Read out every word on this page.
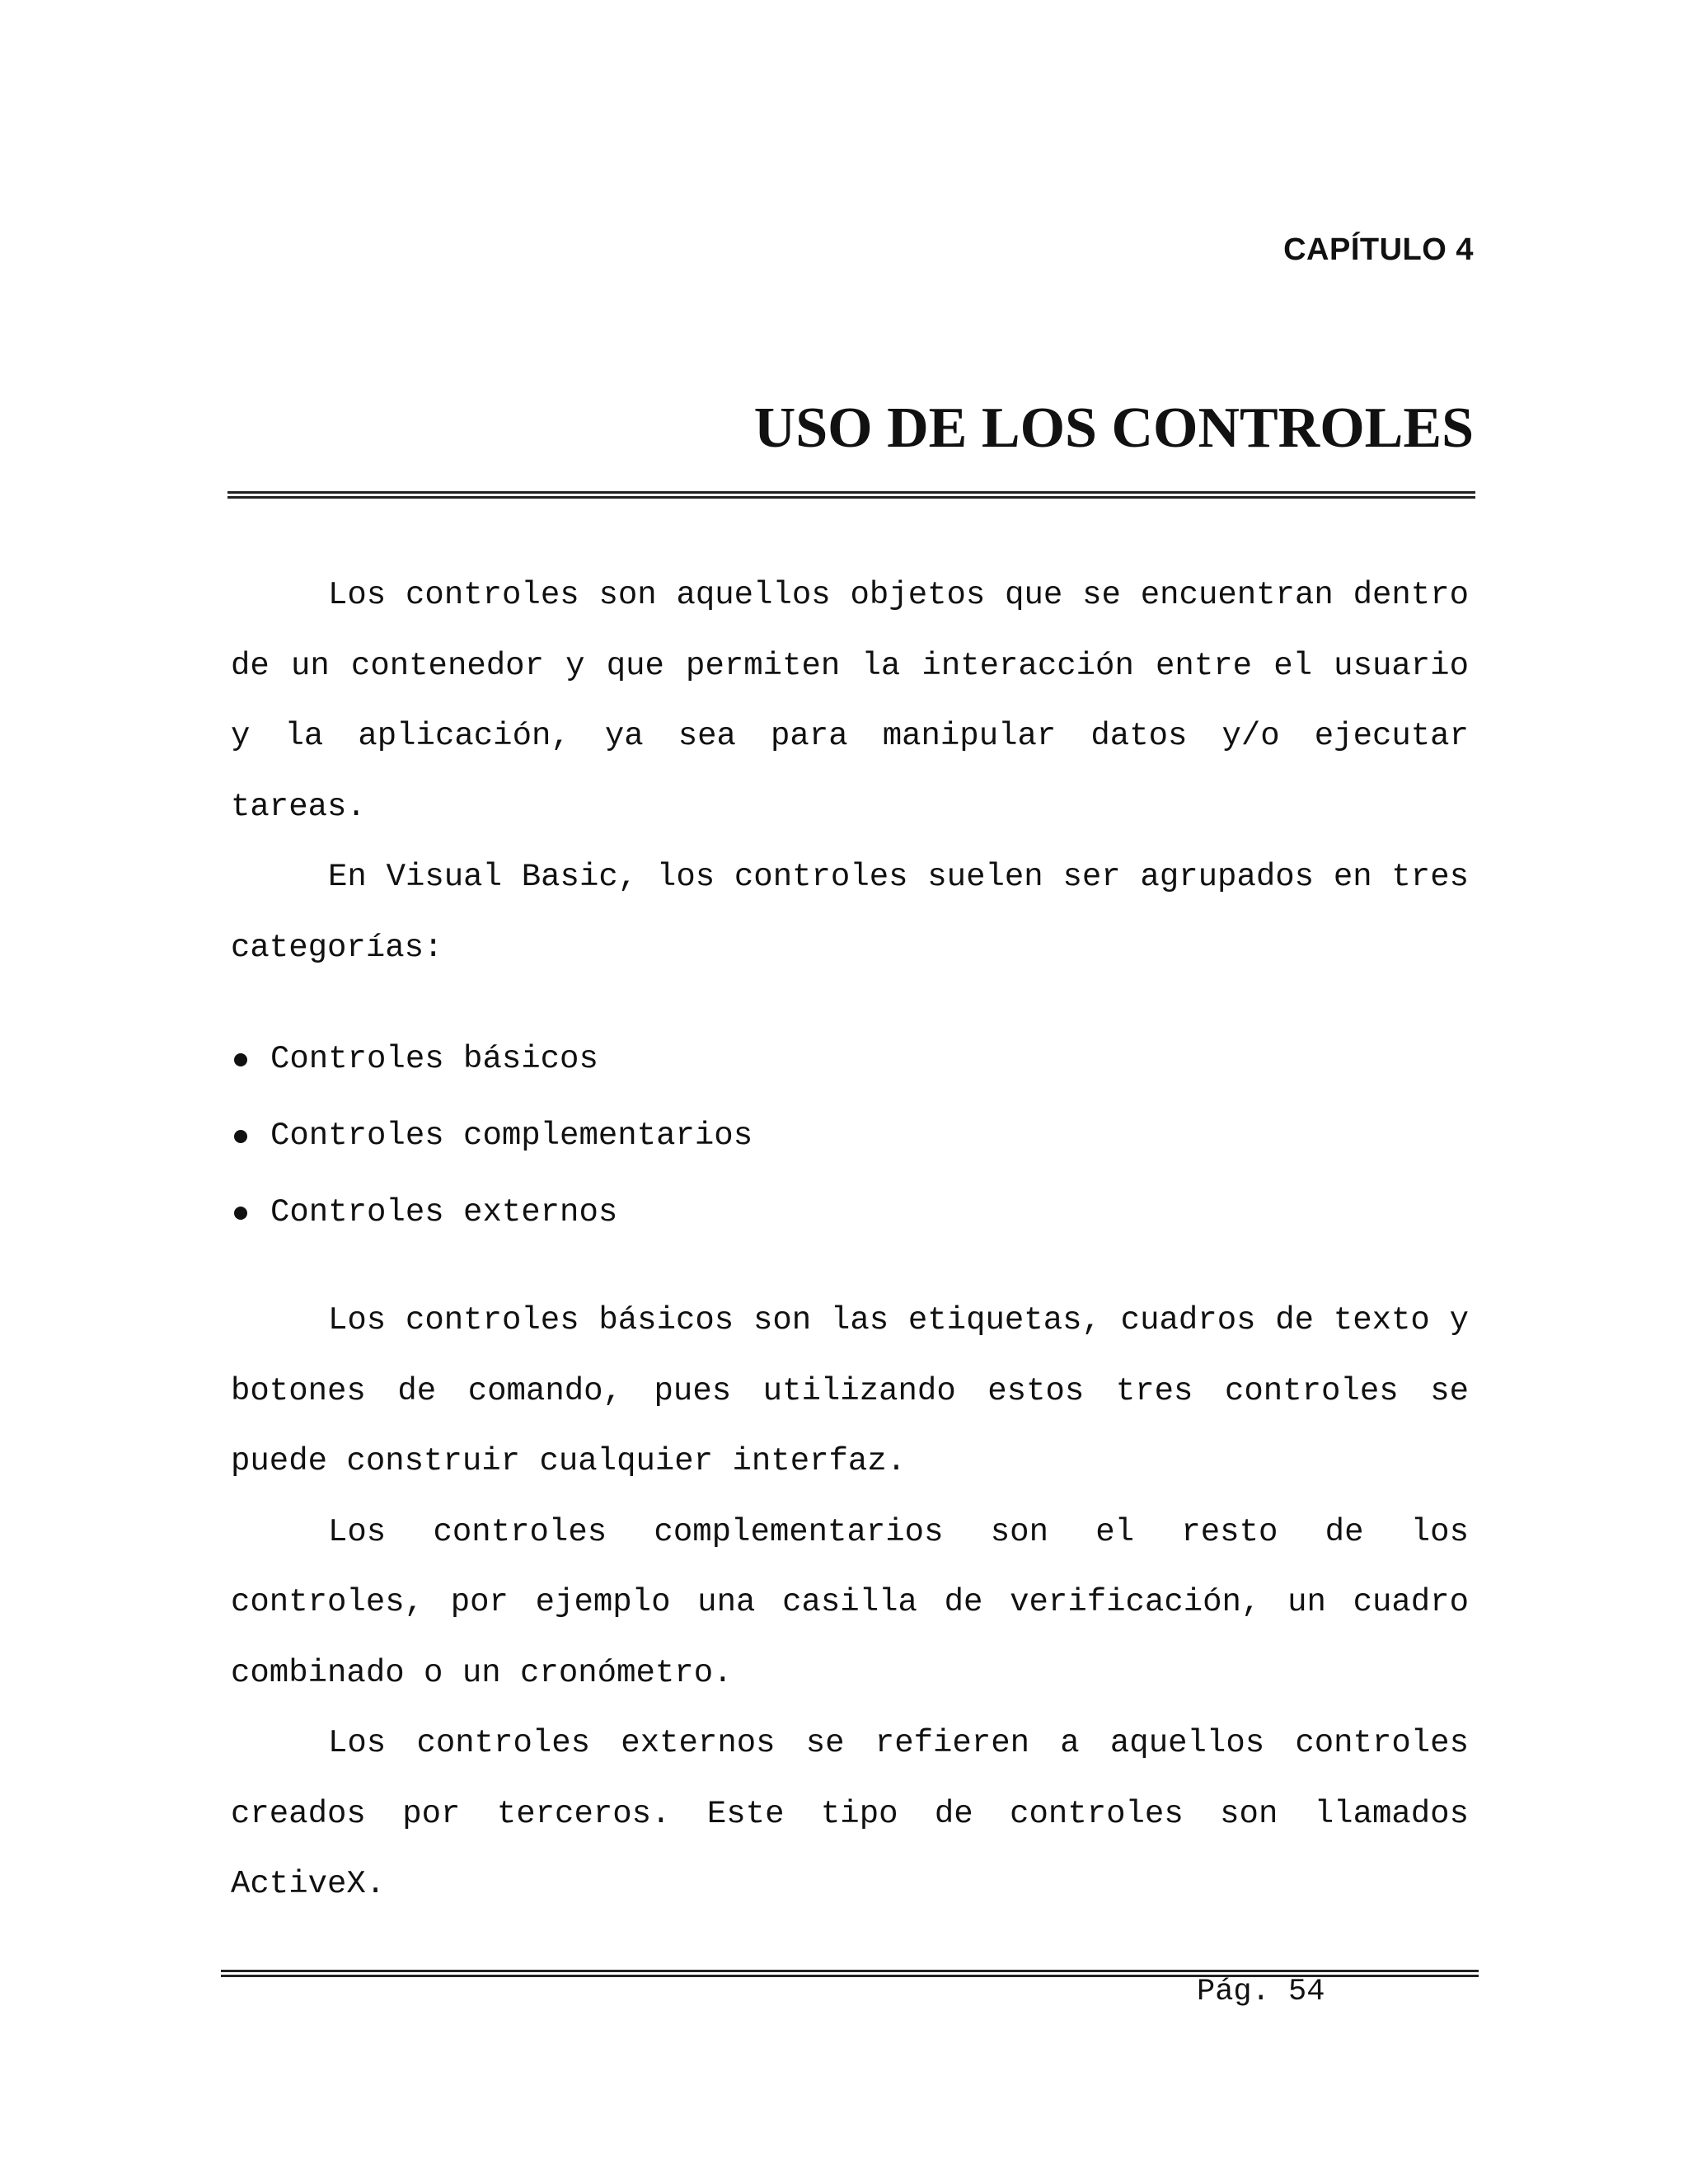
CAPÍTULO 4
USO DE LOS CONTROLES

Los controles son aquellos objetos que se encuentran dentro de un contenedor y que permiten la interacción entre el usuario y la aplicación, ya sea para manipular datos y/o ejecutar tareas.

En Visual Basic, los controles suelen ser agrupados en tres categorías:

Controles básicos
Controles complementarios
Controles externos

Los controles básicos son las etiquetas, cuadros de texto y botones de comando, pues utilizando estos tres controles se puede construir cualquier interfaz.

Los controles complementarios son el resto de los controles, por ejemplo una casilla de verificación, un cuadro combinado o un cronómetro.

Los controles externos se refieren a aquellos controles creados por terceros. Este tipo de controles son llamados ActiveX.

Pág. 54
